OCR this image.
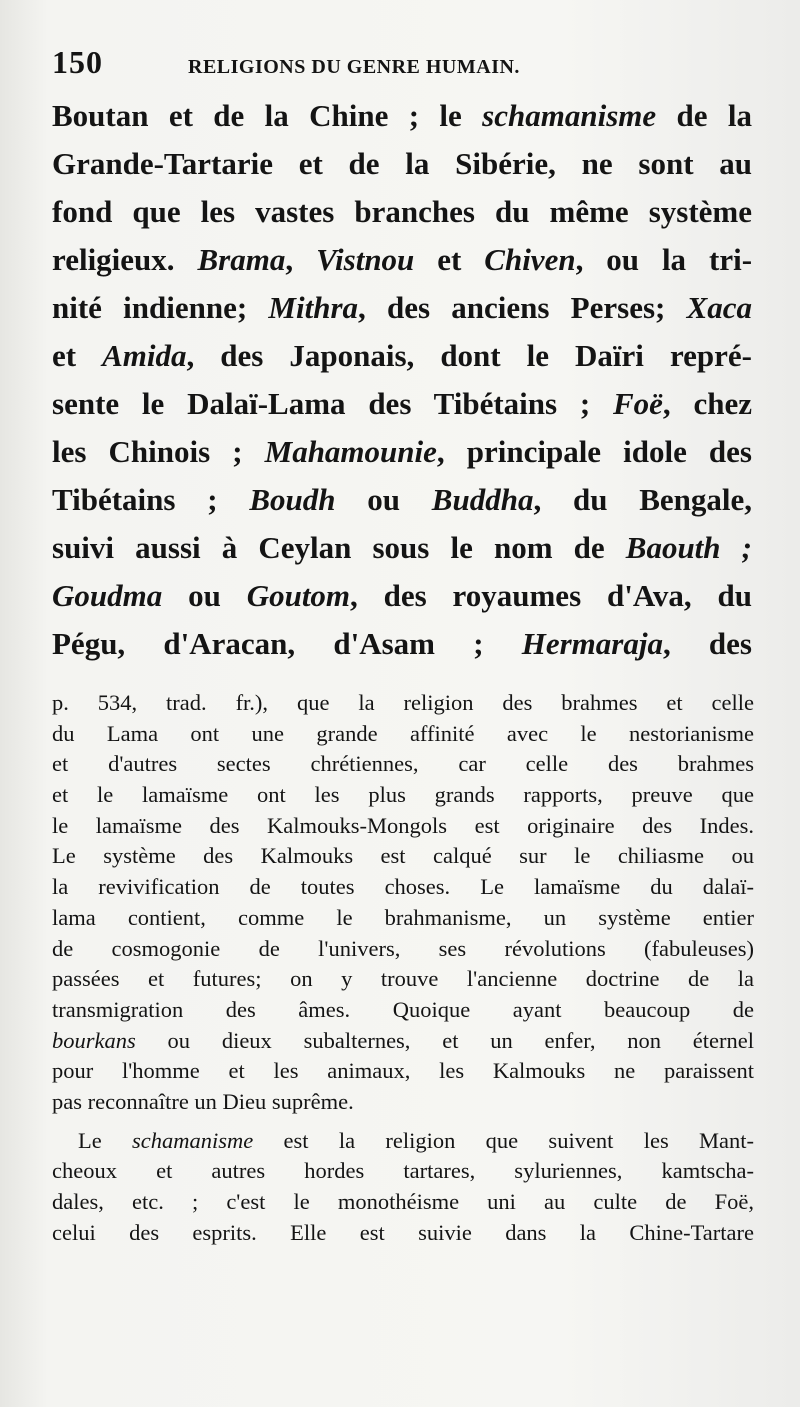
150	RELIGIONS DU GENRE HUMAIN.
Boutan et de la Chine ; le schamanisme de la
Grande-Tartarie et de la Sibérie, ne sont au
fond que les vastes branches du même système
religieux. Brama, Vistnou et Chiven, ou la tri-
nité indienne; Mithra, des anciens Perses; Xaca
et Amida, des Japonais, dont le Daïri repré-
sente le Dalaï-Lama des Tibétains ; Foë, chez
les Chinois ; Mahamounie, principale idole des
Tibétains ; Boudh ou Buddha, du Bengale,
suivi aussi à Ceylan sous le nom de Baouth ;
Goudma ou Goutom, des royaumes d'Ava, du
Pégu, d'Aracan, d'Asam ; Hermaraja, des
p. 534, trad. fr.), que la religion des brahmes et celle
du Lama ont une grande affinité avec le nestorianisme
et d'autres sectes chrétiennes, car celle des brahmes
et le lamaïsme ont les plus grands rapports, preuve que
le lamaïsme des Kalmouks-Mongols est originaire des Indes.
Le système des Kalmouks est calqué sur le chiliasme ou
la revivification de toutes choses. Le lamaïsme du dalaï-
lama contient, comme le brahmanisme, un système entier
de cosmogonie de l'univers, ses révolutions (fabuleuses)
passées et futures; on y trouve l'ancienne doctrine de la
transmigration des âmes. Quoique ayant beaucoup de
bourkans ou dieux subalternes, et un enfer, non éternel
pour l'homme et les animaux, les Kalmouks ne paraissent
pas reconnaître un Dieu suprême.
Le schamanisme est la religion que suivent les Mant-
cheoux et autres hordes tartares, syluriennes, kamtscha-
dales, etc. ; c'est le monothéisme uni au culte de Foë,
celui des esprits. Elle est suivie dans la Chine-Tartare
